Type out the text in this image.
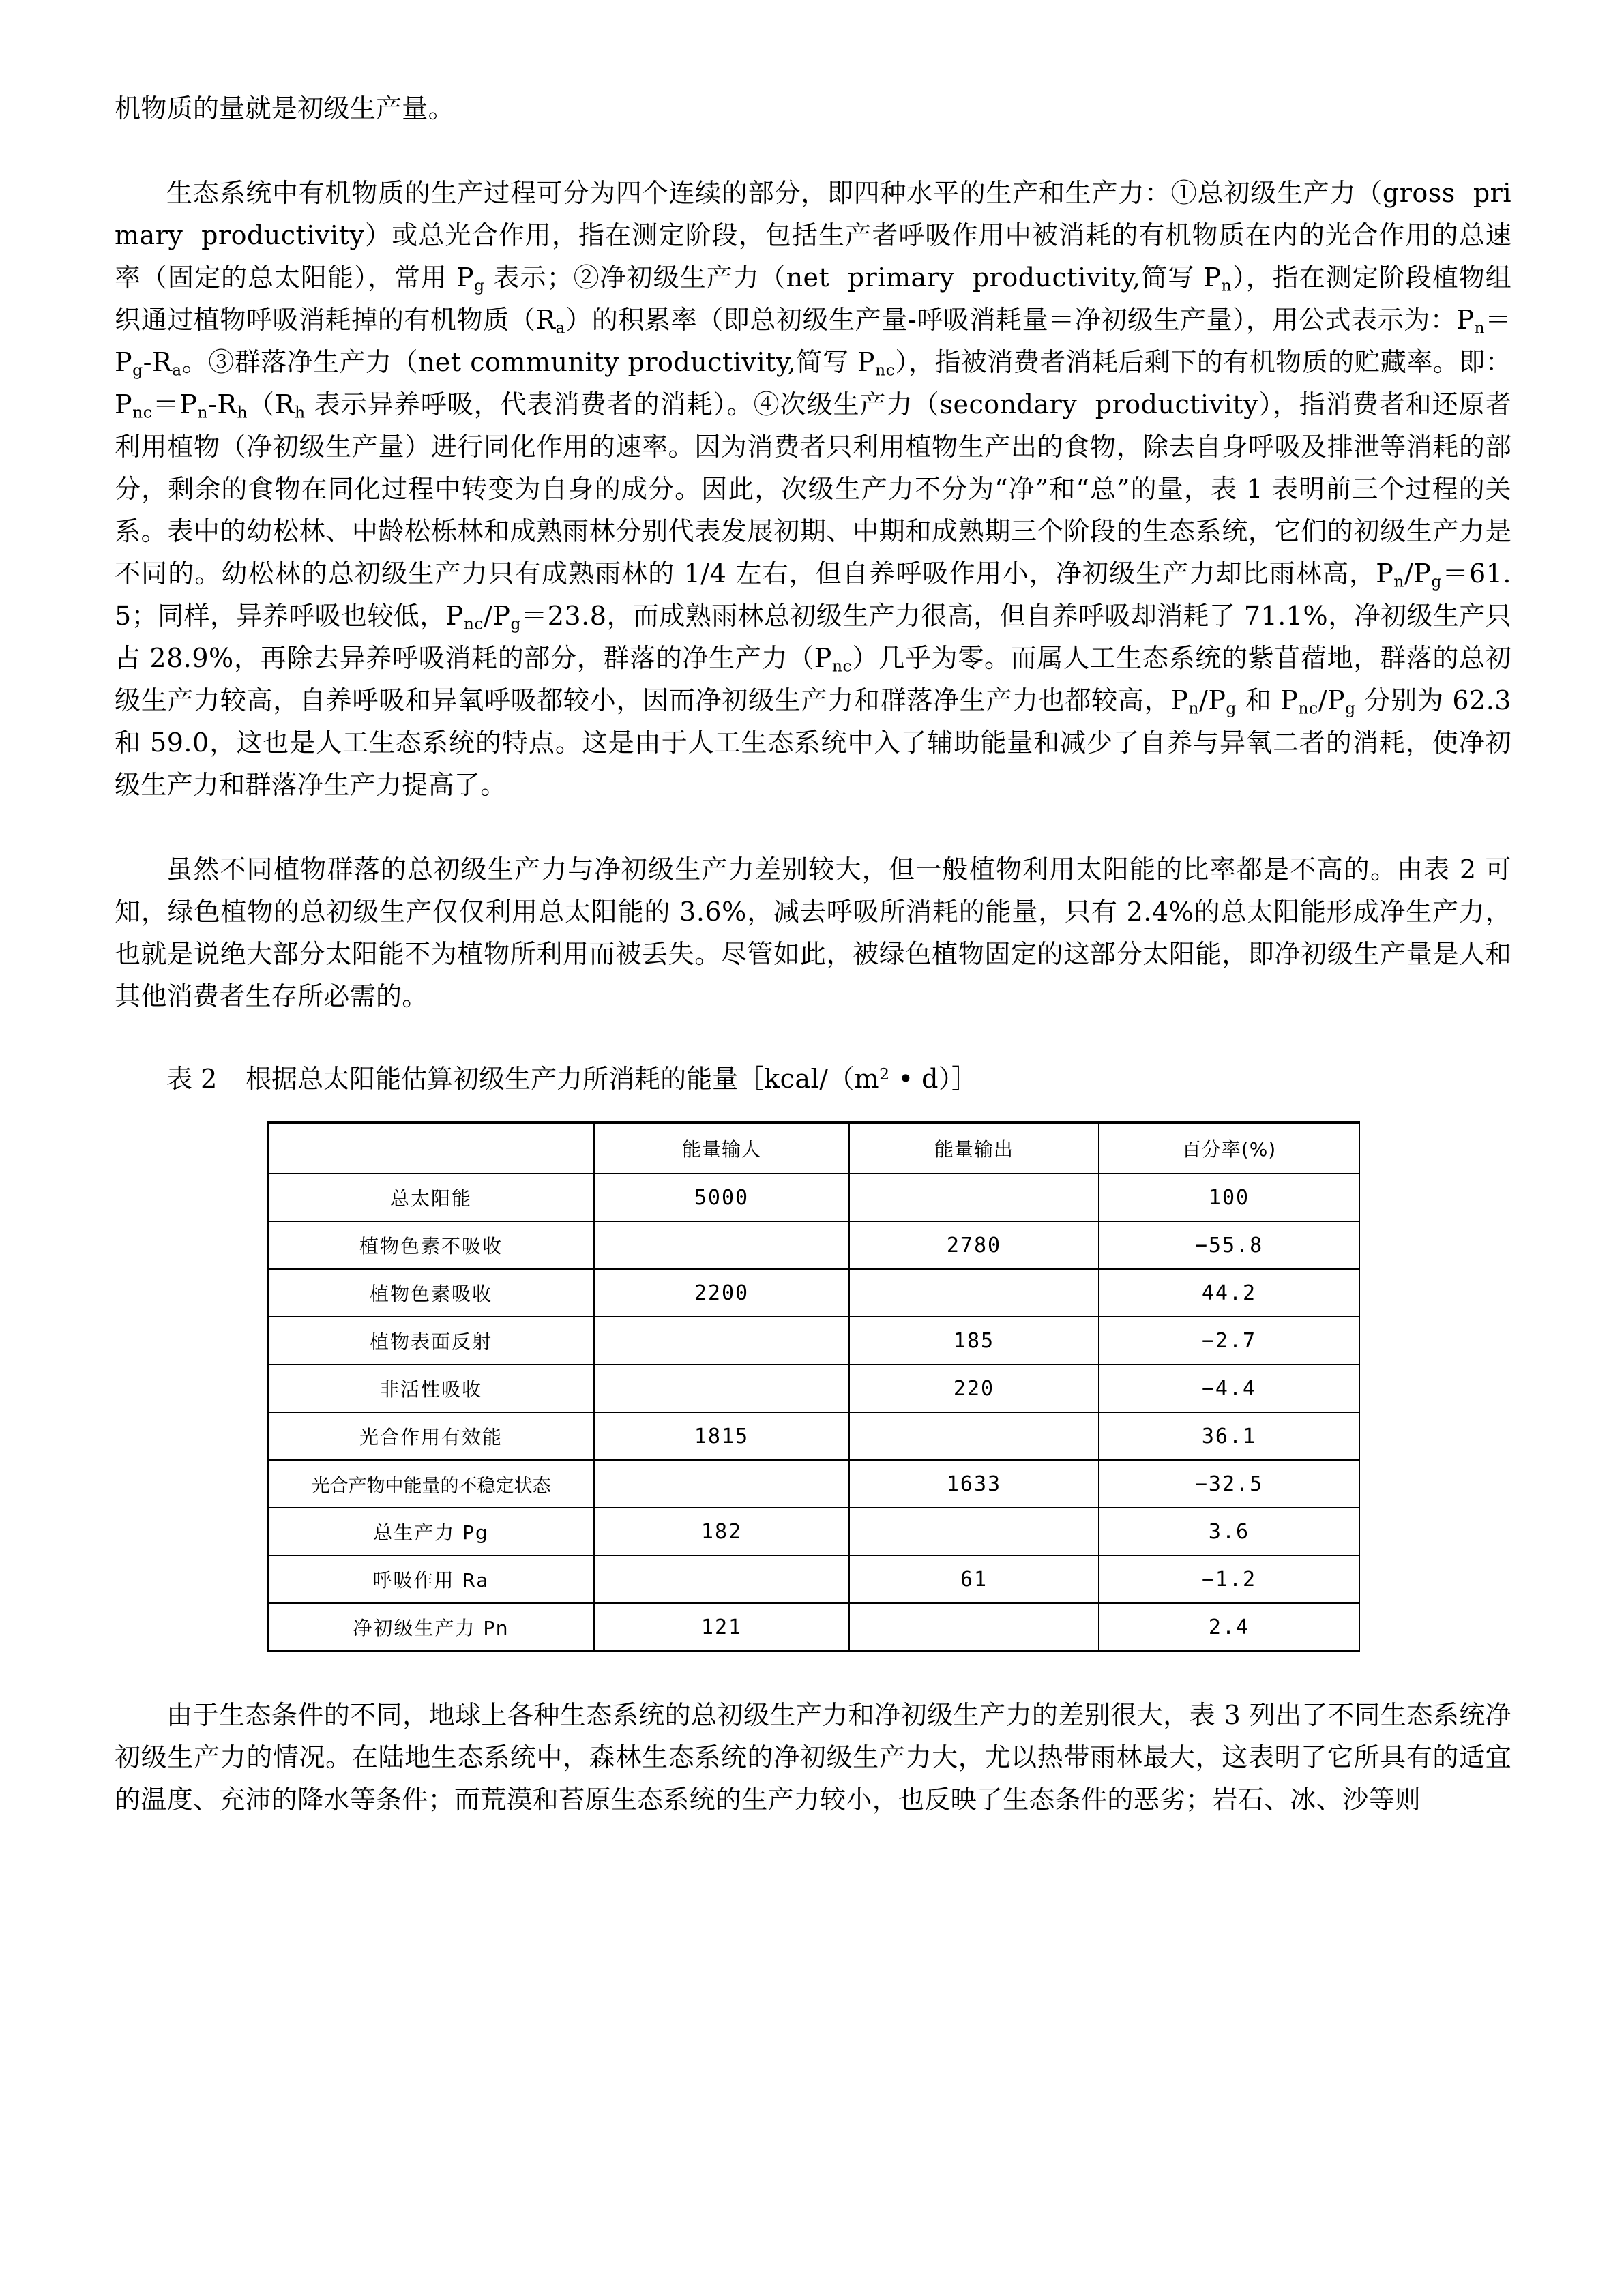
机物质的量就是初级生产量。

生态系统中有机物质的生产过程可分为四个连续的部分，即四种水平的生产和生产力：①总初级生产力（gross  primary  productivity）或总光合作用，指在测定阶段，包括生产者呼吸作用中被消耗的有机物质在内的光合作用的总速率（固定的总太阳能），常用 $P_g$ 表示；②净初级生产力（net  primary  productivity,简写 $P_n$），指在测定阶段植物组织通过植物呼吸消耗掉的有机物质$(R_a)$的积累率（即总初级生产量-呼吸消耗量＝净初级生产量），用公式表示为：$P_n=P_g-R_a$。③群落净生产力（net community productivity,简写 $P_{nc}$），指被消费者消耗后剩下的有机物质的贮藏率。即：$P_{nc}=P_n-R_h(R_h$ 表示异养呼吸，代表消费者的消耗）。④次级生产力（secondary  productivity），指消费者和还原者利用植物（净初级生产量）进行同化作用的速率。因为消费者只利用植物生产出的食物，除去自身呼吸及排泄等消耗的部分，剩余的食物在同化过程中转变为自身的成分。因此，次级生产力不分为“净”和“总”的量，表 1 表明前三个过程的关系。表中的幼松林、中龄松栎林和成熟雨林分别代表发展初期、中期和成熟期三个阶段的生态系统，它们的初级生产力是不同的。幼松林的总初级生产力只有成熟雨林的 1/4 左右，但自养呼吸作用小，净初级生产力却比雨林高，$P_n/P_g=61.5$；同样，异养呼吸也较低，$P_{nc}/P_g=23.8$，而成熟雨林总初级生产力很高，但自养呼吸却消耗了 71.1%，净初级生产只占 28.9%，再除去异养呼吸消耗的部分，群落的净生产力$(P_{nc})$几乎为零。而属人工生态系统的紫苜蓿地，群落的总初级生产力较高，自养呼吸和异氧呼吸都较小，因而净初级生产力和群落净生产力也都较高，$P_n/P_g$ 和 $P_{nc}/P_g$ 分别为 62.3 和 59.0，这也是人工生态系统的特点。这是由于人工生态系统中入了辅助能量和减少了自养与异氧二者的消耗，使净初级生产力和群落净生产力提高了。

虽然不同植物群落的总初级生产力与净初级生产力差别较大，但一般植物利用太阳能的比率都是不高的。由表 2 可知，绿色植物的总初级生产仅仅利用总太阳能的 3.6%，减去呼吸所消耗的能量，只有 2.4%的总太阳能形成净生产力，也就是说绝大部分太阳能不为植物所利用而被丢失。尽管如此，被绿色植物固定的这部分太阳能，即净初级生产量是人和其他消费者生存所必需的。

表 2 根据总太阳能估算初级生产力所消耗的能量$[kcal/(m^2$ • d）］

	能量输人	能量输出	百分率(%)
总太阳能	5000		100
植物色素不吸收		2780	−55.8
植物色素吸收	2200		44.2
植物表面反射		185	−2.7
非活性吸收		220	−4.4
光合作用有效能	1815		36.1
光合产物中能量的不稳定状态		1633	−32.5
总生产力 Pg	182		3.6
呼吸作用 Ra		61	−1.2
净初级生产力 Pn	121		2.4

由于生态条件的不同，地球上各种生态系统的总初级生产力和净初级生产力的差别很大，表 3 列出了不同生态系统净初级生产力的情况。在陆地生态系统中，森林生态系统的净初级生产力大，尤以热带雨林最大，这表明了它所具有的适宜的温度、充沛的降水等条件；而荒漠和苔原生态系统的生产力较小，也反映了生态条件的恶劣；岩石、冰、沙等则
